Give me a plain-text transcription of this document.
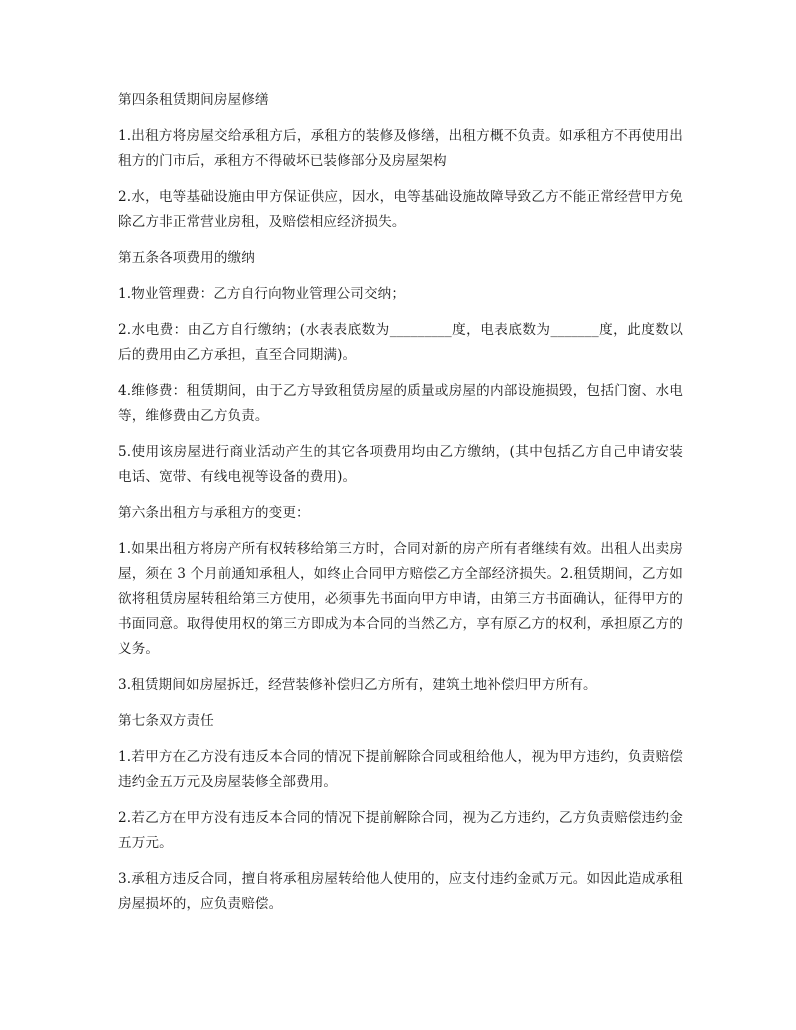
第四条租赁期间房屋修缮
1.出租方将房屋交给承租方后，承租方的装修及修缮，出租方概不负责。如承租方不再使用出租方的门市后，承租方不得破坏已装修部分及房屋架构
2.水，电等基础设施由甲方保证供应，因水，电等基础设施故障导致乙方不能正常经营甲方免除乙方非正常营业房租，及赔偿相应经济损失。
第五条各项费用的缴纳
1.物业管理费：乙方自行向物业管理公司交纳；
2.水电费：由乙方自行缴纳；(水表表底数为_________度，电表底数为_______度，此度数以后的费用由乙方承担，直至合同期满)。
4.维修费：租赁期间，由于乙方导致租赁房屋的质量或房屋的内部设施损毁，包括门窗、水电等，维修费由乙方负责。
5.使用该房屋进行商业活动产生的其它各项费用均由乙方缴纳，(其中包括乙方自己申请安装电话、宽带、有线电视等设备的费用)。
第六条出租方与承租方的变更：
1.如果出租方将房产所有权转移给第三方时，合同对新的房产所有者继续有效。出租人出卖房屋，须在 3 个月前通知承租人，如终止合同甲方赔偿乙方全部经济损失。2.租赁期间，乙方如欲将租赁房屋转租给第三方使用，必须事先书面向甲方申请，由第三方书面确认，征得甲方的书面同意。取得使用权的第三方即成为本合同的当然乙方，享有原乙方的权利，承担原乙方的义务。
3.租赁期间如房屋拆迁，经营装修补偿归乙方所有，建筑土地补偿归甲方所有。
第七条双方责任
1.若甲方在乙方没有违反本合同的情况下提前解除合同或租给他人，视为甲方违约，负责赔偿违约金五万元及房屋装修全部费用。
2.若乙方在甲方没有违反本合同的情况下提前解除合同，视为乙方违约，乙方负责赔偿违约金五万元。
3.承租方违反合同，擅自将承租房屋转给他人使用的，应支付违约金贰万元。如因此造成承租房屋损坏的，应负责赔偿。
